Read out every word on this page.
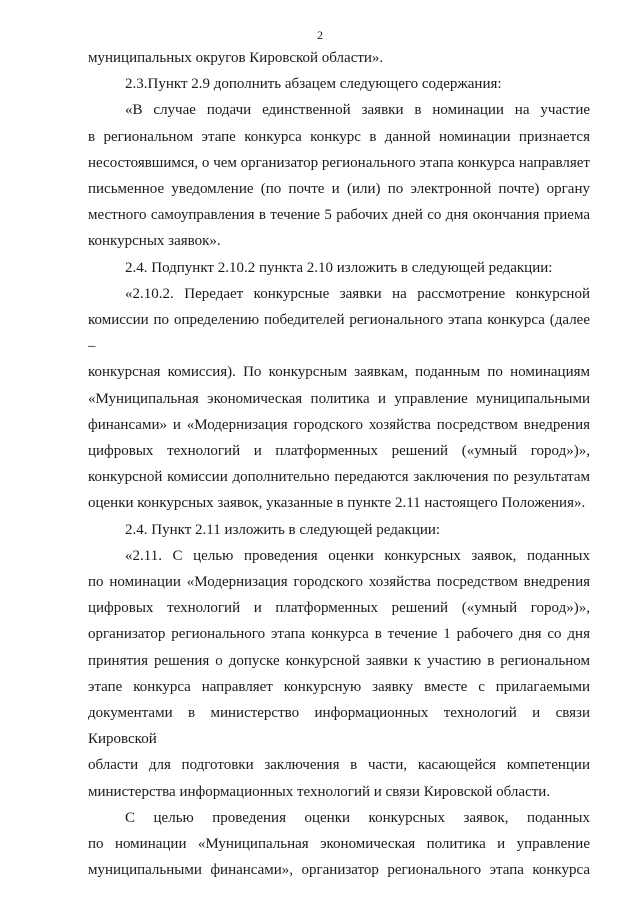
2
муниципальных округов Кировской области».
2.3.Пункт 2.9 дополнить абзацем следующего содержания:
«В случае подачи единственной заявки в номинации на участие
в региональном этапе конкурса конкурс в данной номинации признается
несостоявшимся, о чем организатор регионального этапа конкурса направляет
письменное уведомление (по почте и (или) по электронной почте) органу
местного самоуправления в течение 5 рабочих дней со дня окончания приема
конкурсных заявок».
2.4. Подпункт 2.10.2 пункта 2.10 изложить в следующей редакции:
«2.10.2. Передает конкурсные заявки на рассмотрение конкурсной
комиссии по определению победителей регионального этапа конкурса (далее –
конкурсная комиссия). По конкурсным заявкам, поданным по номинациям
«Муниципальная экономическая политика и управление муниципальными
финансами» и «Модернизация городского хозяйства посредством внедрения
цифровых технологий и платформенных решений («умный город»)»,
конкурсной комиссии дополнительно передаются заключения по результатам
оценки конкурсных заявок, указанные в пункте 2.11 настоящего Положения».
2.4. Пункт 2.11 изложить в следующей редакции:
«2.11. С целью проведения оценки конкурсных заявок, поданных
по номинации «Модернизация городского хозяйства посредством внедрения
цифровых технологий и платформенных решений («умный город»)»,
организатор регионального этапа конкурса в течение 1 рабочего дня со дня
принятия решения о допуске конкурсной заявки к участию в региональном
этапе конкурса направляет конкурсную заявку вместе с прилагаемыми
документами в министерство информационных технологий и связи Кировской
области для подготовки заключения в части, касающейся компетенции
министерства информационных технологий и связи Кировской области.
С целью проведения оценки конкурсных заявок, поданных
по номинации «Муниципальная экономическая политика и управление
муниципальными финансами», организатор регионального этапа конкурса
